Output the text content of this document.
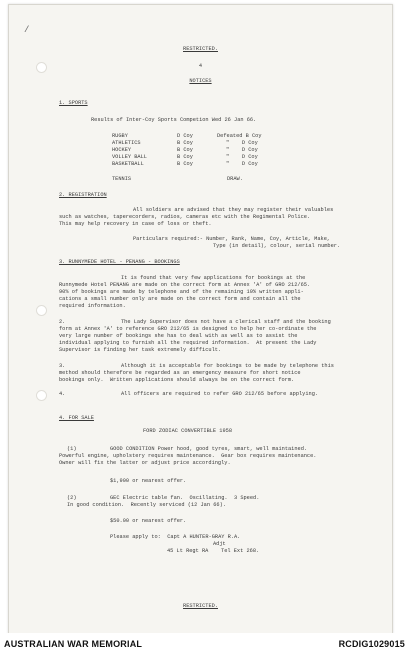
/
RESTRICTED.
4
NOTICES
1. SPORTS
Results of Inter-Coy Sports Competion Wed 26 Jan 66.
RUGBY	D Coy	Defeated B Coy
ATHLETICS	B Coy	"    D Coy
HOCKEY	B Coy	"    D Coy
VOLLEY BALL	B Coy	"    D Coy
BASKETBALL	B Coy	"    D Coy
TENNIS	DRAW.
2. REGISTRATION
All soldiers are advised that they may register their valuables
such as watches, taperecorders, radios, cameras etc with the Regimental Police.
This may help recovery in case of loss or theft.
Particulars required:- Number, Rank, Name, Coy, Article, Make,
Type (in detail), colour, serial number.
3. RUNNYMEDE HOTEL - PENANG - BOOKINGS
It is found that very few applications for bookings at the
Runnymede Hotel PENANG are made on the correct form at Annex 'A' of GRO 212/65.
90% of bookings are made by telephone and of the remaining 10% written appli-
cations a small number only are made on the correct form and contain all the
required information.
2.	The Lady Supervisor does not have a clerical staff and the booking
form at Annex 'A' to reference GRO 212/65 is designed to help her co-ordinate the
very large number of bookings she has to deal with as well as to assist the
individual applying to furnish all the required information.  At present the Lady
Supervisor is finding her task extremely difficult.
3.	Although it is acceptable for bookings to be made by telephone this
method should therefore be regarded as an emergency measure for short notice
bookings only.  Written applications should always be on the correct form.
4.	All officers are required to refer GRO 212/65 before applying.
4. FOR SALE
FORD ZODIAC CONVERTIBLE 1958
(1)	GOOD CONDITION Power hood, good tyres, smart, well maintained.
Powerful engine, upholstery requires maintenance.  Gear box requires maintenance.
Owner will fix the latter or adjust price accordingly.
$1,900 or nearest offer.
(2)	GEC Electric table fan.  Oscillating.  3 Speed.
In good condition.  Recently serviced (12 Jan 66).
$50.00 or nearest offer.
Please apply to:  Capt A HUNTER-GRAY R.A.
Adjt
45 Lt Regt RA    Tel Ext 268.
RESTRICTED.
AUSTRALIAN WAR MEMORIAL	RCDIG1029015
